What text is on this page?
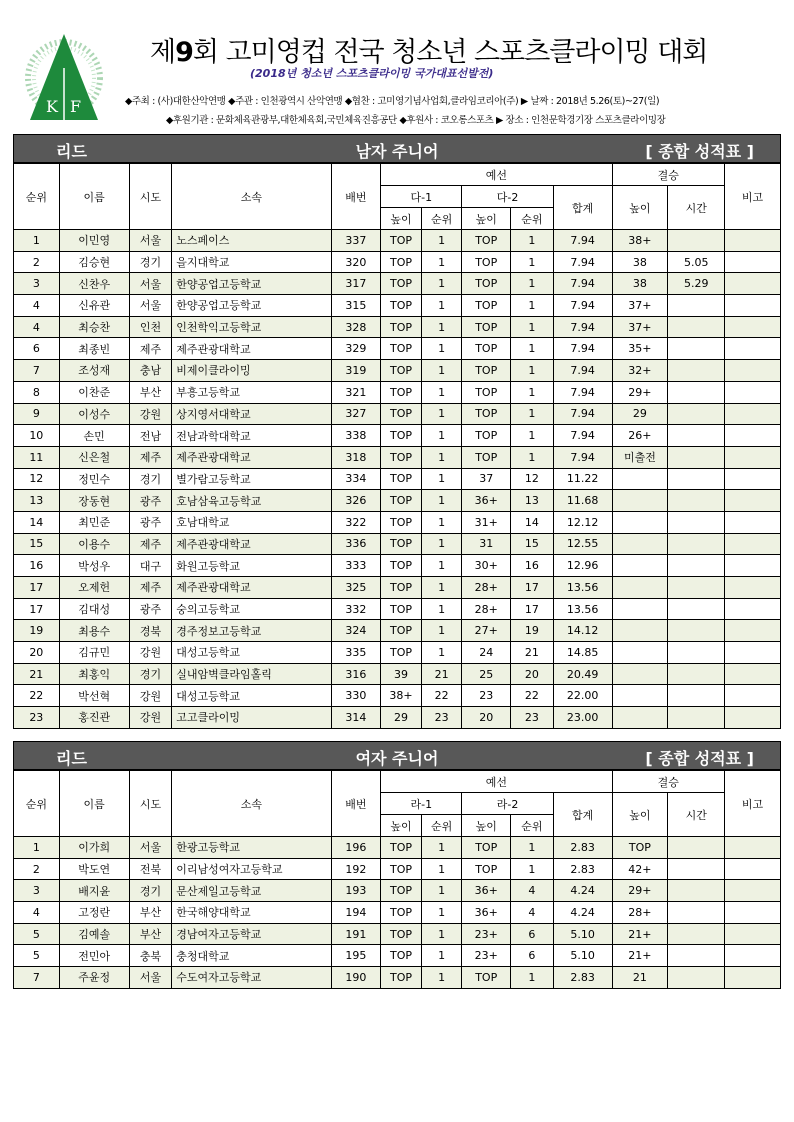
K F
제9회 고미영컵 전국 청소년 스포츠클라이밍 대회
(2018년 청소년 스포츠클라이밍 국가대표선발전)
◆주최 : (사)대한산악연맹 ◆주관 : 인천광역시 산악연맹 ◆협찬 : 고미영기념사업회,클라임코리아(주) ▶ 날짜 : 2018년 5.26(토)~27(일)
◆후원기관 : 문화체육관광부,대한체육회,국민체육진흥공단 ◆후원사 : 코오롱스포츠 ▶ 장소 : 인천문학경기장 스포츠클라이밍장
리드	남자 주니어	[ 종합 성적표 ]
순위	이름	시도	소속	배번	예선					결승		비고
					다-1		다-2		합계	높이	시간	
					높이	순위	높이	순위				
1	이민영	서울	노스페이스	337	TOP	1	TOP	1	7.94	38+		
2	김승현	경기	을지대학교	320	TOP	1	TOP	1	7.94	38	5.05	
3	신찬우	서울	한양공업고등학교	317	TOP	1	TOP	1	7.94	38	5.29	
4	신유관	서울	한양공업고등학교	315	TOP	1	TOP	1	7.94	37+		
4	최승찬	인천	인천학익고등학교	328	TOP	1	TOP	1	7.94	37+		
6	최종빈	제주	제주관광대학교	329	TOP	1	TOP	1	7.94	35+		
7	조성재	충남	비제이클라이밍	319	TOP	1	TOP	1	7.94	32+		
8	이찬준	부산	부흥고등학교	321	TOP	1	TOP	1	7.94	29+		
9	이성수	강원	상지영서대학교	327	TOP	1	TOP	1	7.94	29		
10	손민	전남	전남과학대학교	338	TOP	1	TOP	1	7.94	26+		
11	신은철	제주	제주관광대학교	318	TOP	1	TOP	1	7.94	미출전		
12	정민수	경기	별가람고등학교	334	TOP	1	37	12	11.22			
13	장동현	광주	호남삼육고등학교	326	TOP	1	36+	13	11.68			
14	최민준	광주	호남대학교	322	TOP	1	31+	14	12.12			
15	이용수	제주	제주관광대학교	336	TOP	1	31	15	12.55			
16	박성우	대구	화원고등학교	333	TOP	1	30+	16	12.96			
17	오제헌	제주	제주관광대학교	325	TOP	1	28+	17	13.56			
17	김대성	광주	숭의고등학교	332	TOP	1	28+	17	13.56			
19	최용수	경북	경주정보고등학교	324	TOP	1	27+	19	14.12			
20	김규민	강원	대성고등학교	335	TOP	1	24	21	14.85			
21	최홍익	경기	실내암벽클라임홀릭	316	39	21	25	20	20.49			
22	박선혁	강원	대성고등학교	330	38+	22	23	22	22.00			
23	홍진관	강원	고고클라이밍	314	29	23	20	23	23.00			
리드	여자 주니어	[ 종합 성적표 ]
순위	이름	시도	소속	배번	예선					결승		비고
					라-1		라-2		합계	높이	시간	
					높이	순위	높이	순위				
1	이가희	서울	한광고등학교	196	TOP	1	TOP	1	2.83	TOP		
2	박도연	전북	이리남성여자고등학교	192	TOP	1	TOP	1	2.83	42+		
3	배지윤	경기	문산제일고등학교	193	TOP	1	36+	4	4.24	29+		
4	고정란	부산	한국해양대학교	194	TOP	1	36+	4	4.24	28+		
5	김예솔	부산	경남여자고등학교	191	TOP	1	23+	6	5.10	21+		
5	전민아	충북	충청대학교	195	TOP	1	23+	6	5.10	21+		
7	주윤정	서울	수도여자고등학교	190	TOP	1	TOP	1	2.83	21		
